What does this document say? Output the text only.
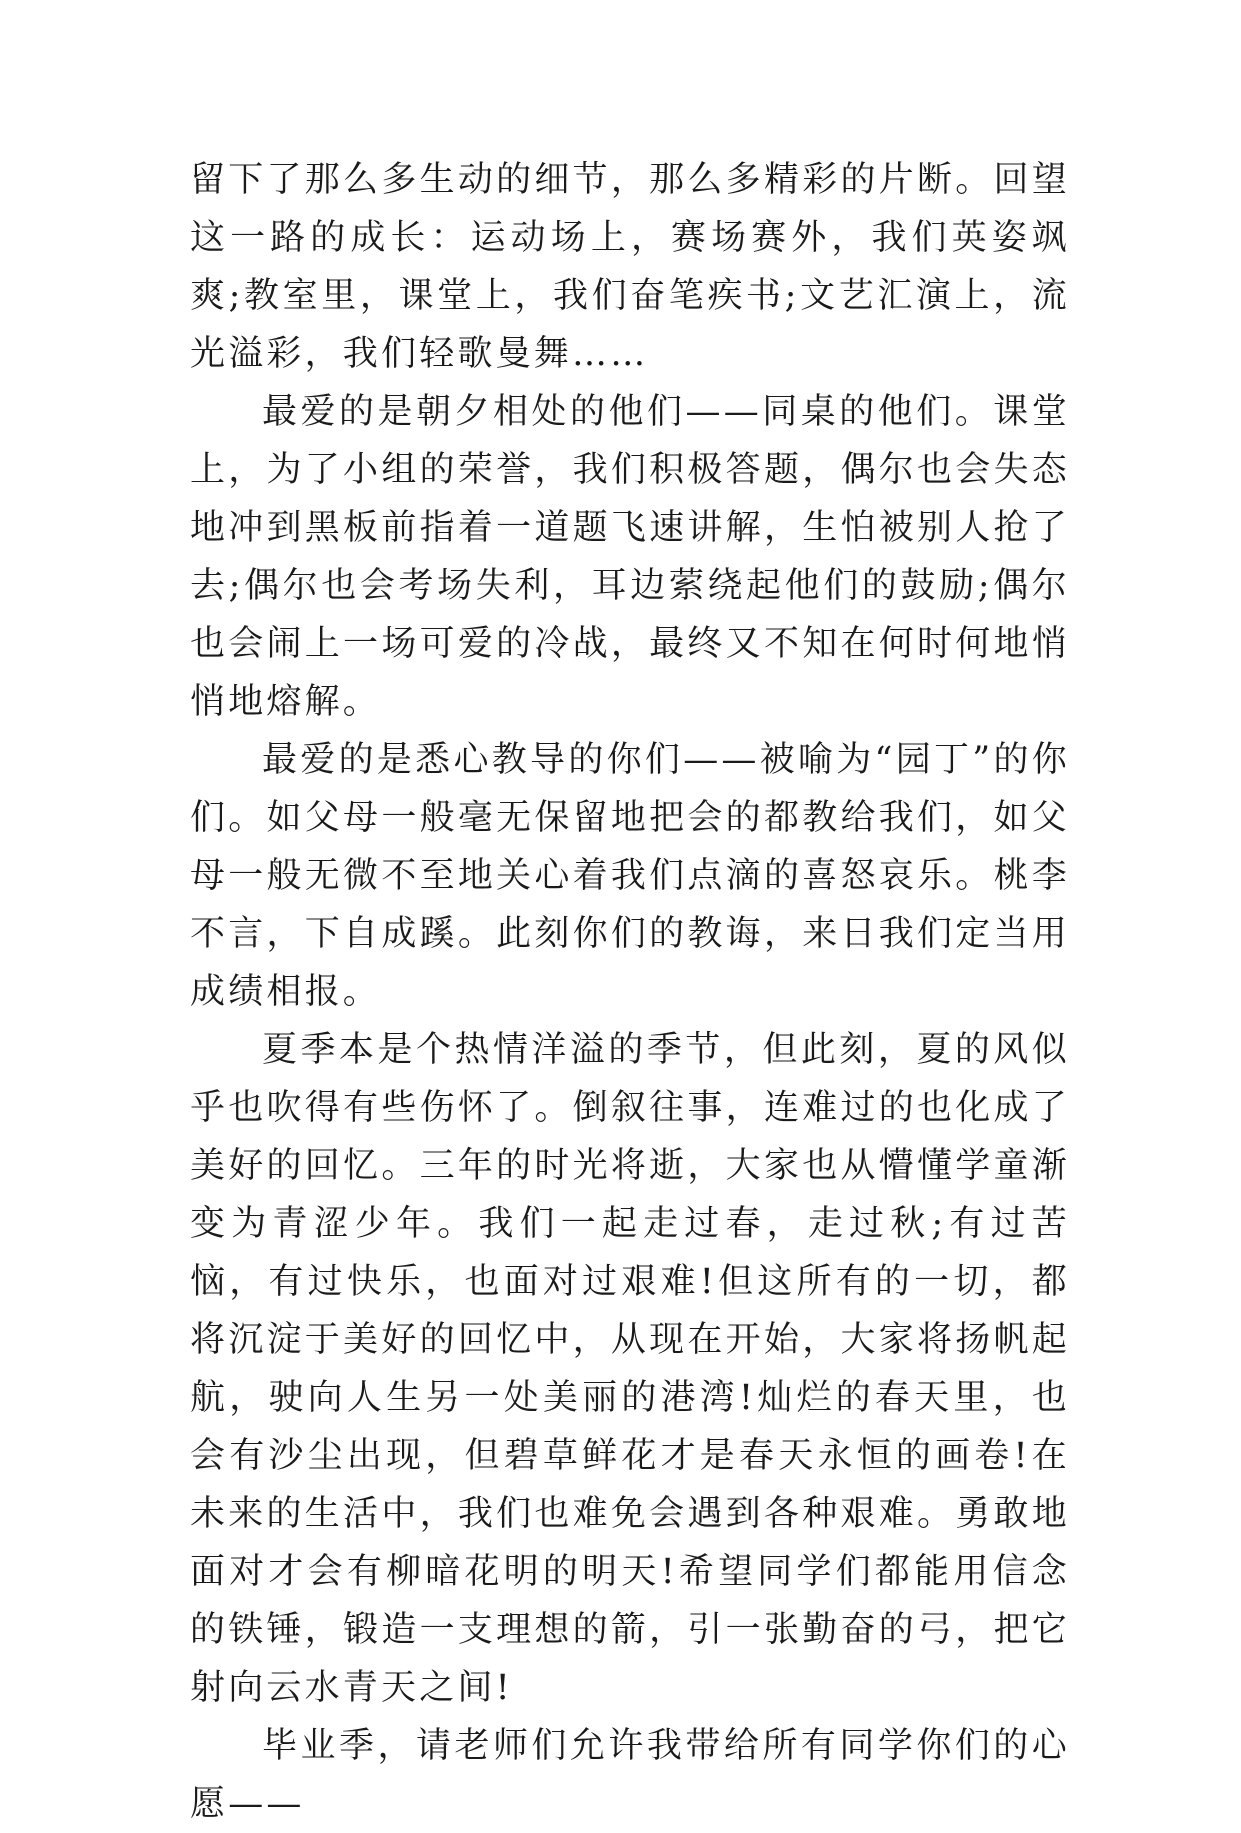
留下了那么多生动的细节，那么多精彩的片断。回望这一路的成长：运动场上，赛场赛外，我们英姿飒爽;教室里，课堂上，我们奋笔疾书;文艺汇演上，流光溢彩，我们轻歌曼舞……

最爱的是朝夕相处的他们——同桌的他们。课堂上，为了小组的荣誉，我们积极答题，偶尔也会失态地冲到黑板前指着一道题飞速讲解，生怕被别人抢了去;偶尔也会考场失利，耳边萦绕起他们的鼓励;偶尔也会闹上一场可爱的冷战，最终又不知在何时何地悄悄地熔解。

最爱的是悉心教导的你们——被喻为“园丁”的你们。如父母一般毫无保留地把会的都教给我们，如父母一般无微不至地关心着我们点滴的喜怒哀乐。桃李不言，下自成蹊。此刻你们的教诲，来日我们定当用成绩相报。

夏季本是个热情洋溢的季节，但此刻，夏的风似乎也吹得有些伤怀了。倒叙往事，连难过的也化成了美好的回忆。三年的时光将逝，大家也从懵懂学童渐变为青涩少年。我们一起走过春，走过秋;有过苦恼，有过快乐，也面对过艰难!但这所有的一切，都将沉淀于美好的回忆中，从现在开始，大家将扬帆起航，驶向人生另一处美丽的港湾!灿烂的春天里，也会有沙尘出现，但碧草鲜花才是春天永恒的画卷!在未来的生活中，我们也难免会遇到各种艰难。勇敢地面对才会有柳暗花明的明天!希望同学们都能用信念的铁锤，锻造一支理想的箭，引一张勤奋的弓，把它射向云水青天之间!

毕业季，请老师们允许我带给所有同学你们的心愿——
